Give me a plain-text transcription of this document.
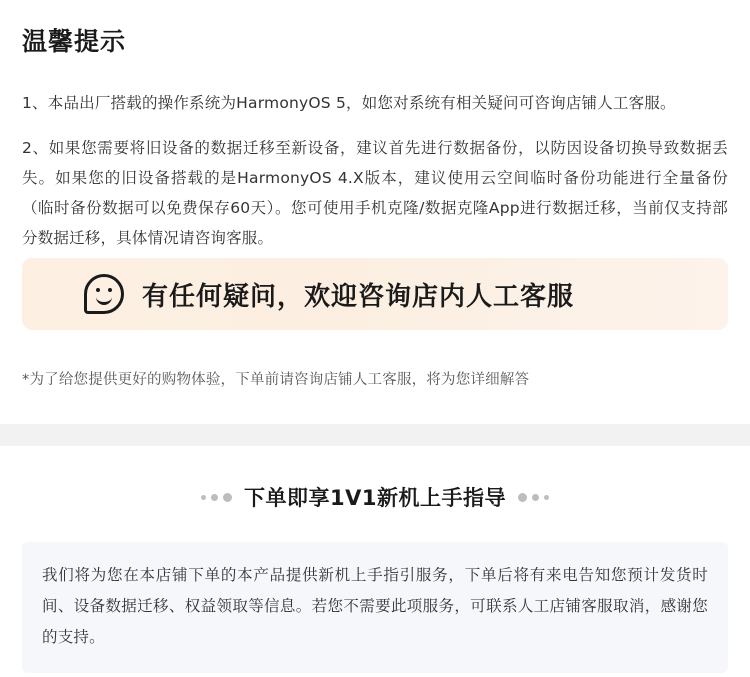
温馨提示

1、本品出厂搭载的操作系统为HarmonyOS 5，如您对系统有相关疑问可咨询店铺人工客服。

2、如果您需要将旧设备的数据迁移至新设备，建议首先进行数据备份，以防因设备切换导致数据丢失。如果您的旧设备搭载的是HarmonyOS 4.X版本，建议使用云空间临时备份功能进行全量备份（临时备份数据可以免费保存60天）。您可使用手机克隆/数据克隆App进行数据迁移，当前仅支持部分数据迁移，具体情况请咨询客服。

有任何疑问，欢迎咨询店内人工客服
*为了给您提供更好的购物体验，下单前请咨询店铺人工客服，将为您详细解答
下单即享1V1新机上手指导
我们将为您在本店铺下单的本产品提供新机上手指引服务，下单后将有来电告知您预计发货时间、设备数据迁移、权益领取等信息。若您不需要此项服务，可联系人工店铺客服取消，感谢您的支持。
